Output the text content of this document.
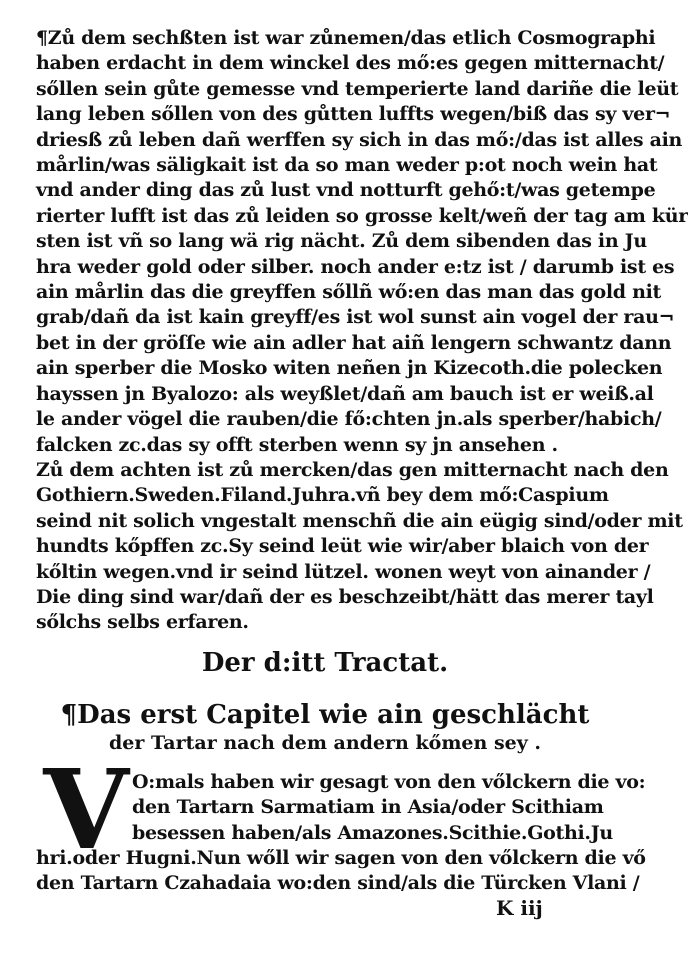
¶Zů dem sechßten ist war zůnemen/das etlich Cosmographi
haben erdacht in dem winckel des mő:es gegen mitternacht/
sőllen sein gůte gemesse vnd temperierte land dariñe die leüt
lang leben sőllen von des gůtten luffts wegen/biß das sy ver¬
driesß zů leben dañ werffen sy sich in das mő:/das ist alles ain
mårlin/was säligkait ist da so man weder p:ot noch wein hat
vnd ander ding das zů lust vnd notturft gehő:t/was getempe
rierter lufft ist das zů leiden so grosse kelt/weñ der tag am kür
sten ist vñ so lang wä rig nächt. Zů dem sibenden das in Ju
hra weder gold oder silber. noch ander e:tz ist / darumb ist es
ain mårlin das die greyffen sőllñ wő:en das man das gold nit
grab/dañ da ist kain greyff/es ist wol sunst ain vogel der rau¬
bet in der gröſſe wie ain adler hat aiñ lengern schwantz dann
ain sperber die Mosko witen neñen jn Kizecoth.die polecken
hayssen jn Byalozo: als weyßlet/dañ am bauch ist er weiß.al
le ander vögel die rauben/die fő:chten jn.als sperber/habich/
falcken zc.das sy offt sterben wenn sy jn ansehen .
Zů dem achten ist zů mercken/das gen mitternacht nach den
Gothiern.Sweden.Filand.Juhra.vñ bey dem mő:Caspium
seind nit solich vngestalt menschñ die ain eügig sind/oder mit
hundts kőpffen zc.Sy seind leüt wie wir/aber blaich von der
kőltin wegen.vnd ir seind lützel. wonen weyt von ainander /
Die ding sind war/dañ der es beschzeibt/hätt das merer tayl
sőlchs selbs erfaren.
Der d:itt Tractat.
¶Das erst Capitel wie ain geschlächt
der Tartar nach dem andern kőmen sey .
V O:mals haben wir gesagt von den vőlckern die vo:
den Tartarn Sarmatiam in Asia/oder Scithiam
besessen haben/als Amazones.Scithie.Gothi.Ju
hri.oder Hugni.Nun wőll wir sagen von den vőlckern die vő
den Tartarn Czahadaia wo:den sind/als die Türcken Vlani /
K iij
